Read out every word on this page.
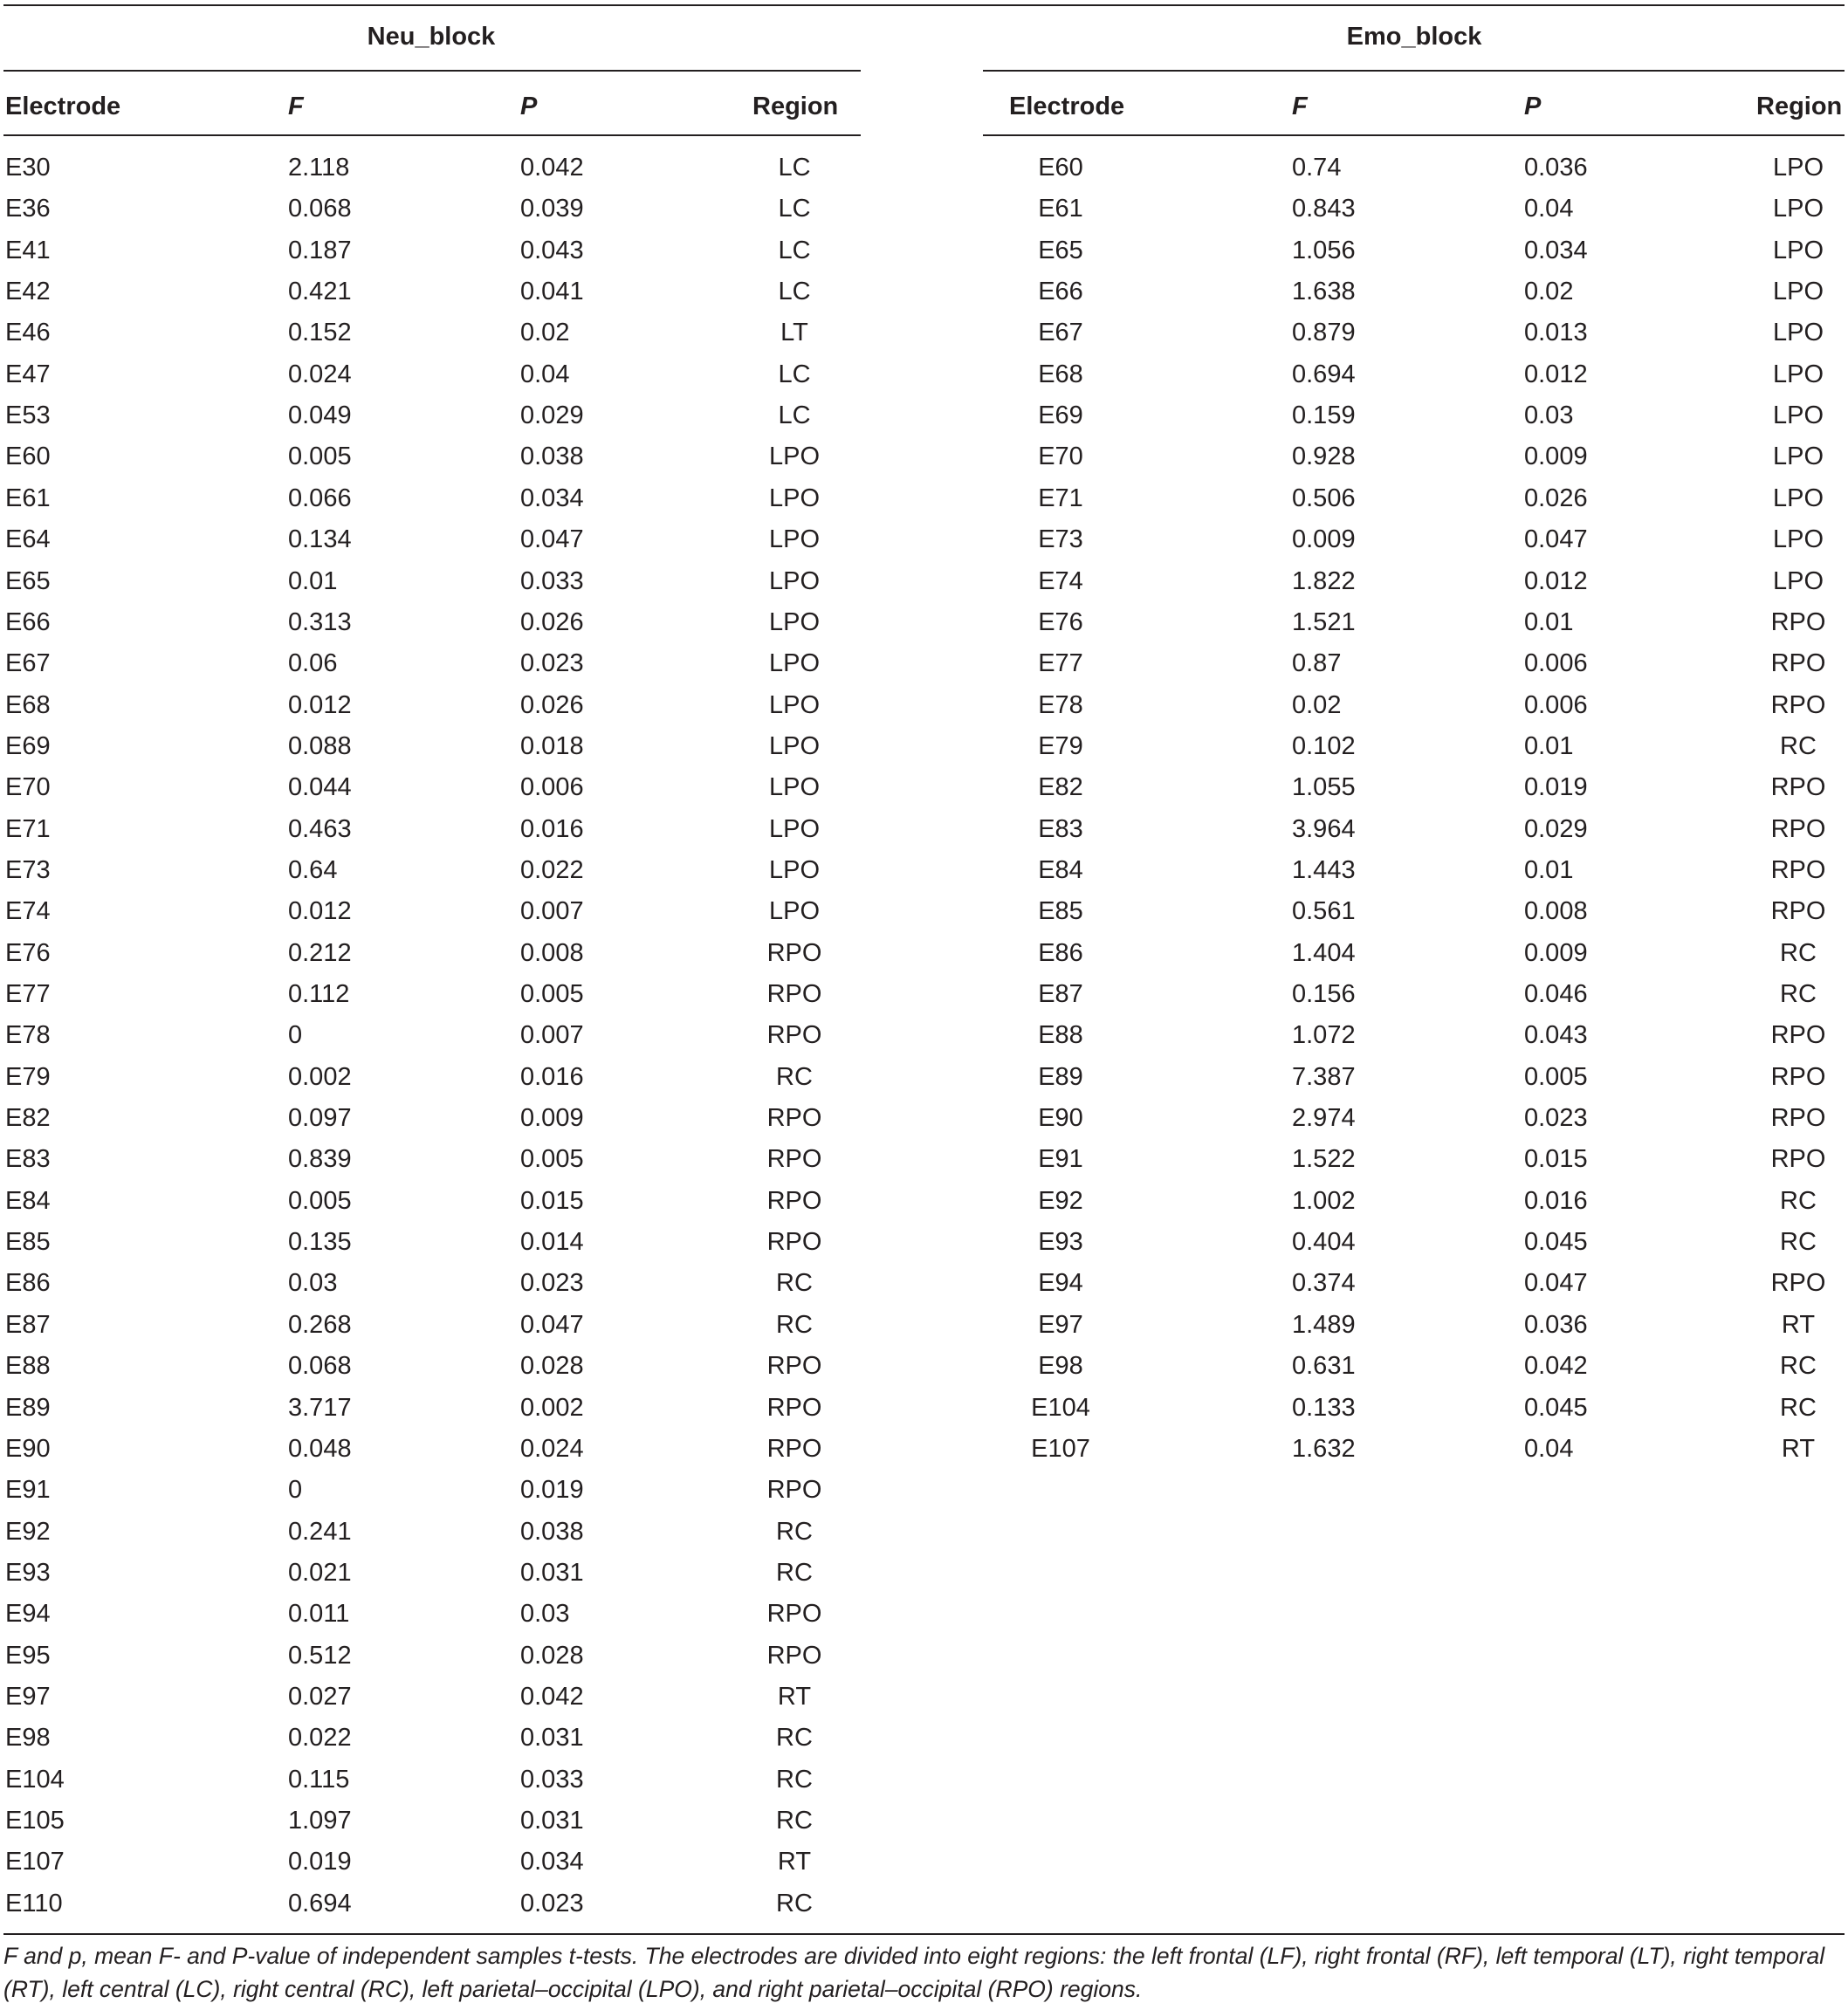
Neu_block	Emo_block
Electrode	F	P	Region	Electrode	F	P	Region
E30	2.118	0.042	LC
E36	0.068	0.039	LC
E41	0.187	0.043	LC
E42	0.421	0.041	LC
E46	0.152	0.02	LT
E47	0.024	0.04	LC
E53	0.049	0.029	LC
E60	0.005	0.038	LPO
E61	0.066	0.034	LPO
E64	0.134	0.047	LPO
E65	0.01	0.033	LPO
E66	0.313	0.026	LPO
E67	0.06	0.023	LPO
E68	0.012	0.026	LPO
E69	0.088	0.018	LPO
E70	0.044	0.006	LPO
E71	0.463	0.016	LPO
E73	0.64	0.022	LPO
E74	0.012	0.007	LPO
E76	0.212	0.008	RPO
E77	0.112	0.005	RPO
E78	0	0.007	RPO
E79	0.002	0.016	RC
E82	0.097	0.009	RPO
E83	0.839	0.005	RPO
E84	0.005	0.015	RPO
E85	0.135	0.014	RPO
E86	0.03	0.023	RC
E87	0.268	0.047	RC
E88	0.068	0.028	RPO
E89	3.717	0.002	RPO
E90	0.048	0.024	RPO
E91	0	0.019	RPO
E92	0.241	0.038	RC
E93	0.021	0.031	RC
E94	0.011	0.03	RPO
E95	0.512	0.028	RPO
E97	0.027	0.042	RT
E98	0.022	0.031	RC
E104	0.115	0.033	RC
E105	1.097	0.031	RC
E107	0.019	0.034	RT
E110	0.694	0.023	RC
E60	0.74	0.036	LPO
E61	0.843	0.04	LPO
E65	1.056	0.034	LPO
E66	1.638	0.02	LPO
E67	0.879	0.013	LPO
E68	0.694	0.012	LPO
E69	0.159	0.03	LPO
E70	0.928	0.009	LPO
E71	0.506	0.026	LPO
E73	0.009	0.047	LPO
E74	1.822	0.012	LPO
E76	1.521	0.01	RPO
E77	0.87	0.006	RPO
E78	0.02	0.006	RPO
E79	0.102	0.01	RC
E82	1.055	0.019	RPO
E83	3.964	0.029	RPO
E84	1.443	0.01	RPO
E85	0.561	0.008	RPO
E86	1.404	0.009	RC
E87	0.156	0.046	RC
E88	1.072	0.043	RPO
E89	7.387	0.005	RPO
E90	2.974	0.023	RPO
E91	1.522	0.015	RPO
E92	1.002	0.016	RC
E93	0.404	0.045	RC
E94	0.374	0.047	RPO
E97	1.489	0.036	RT
E98	0.631	0.042	RC
E104	0.133	0.045	RC
E107	1.632	0.04	RT
F and p, mean F- and P-value of independent samples t-tests. The electrodes are divided into eight regions: the left frontal (LF), right frontal (RF), left temporal (LT), right temporal (RT), left central (LC), right central (RC), left parietal–occipital (LPO), and right parietal–occipital (RPO) regions.
